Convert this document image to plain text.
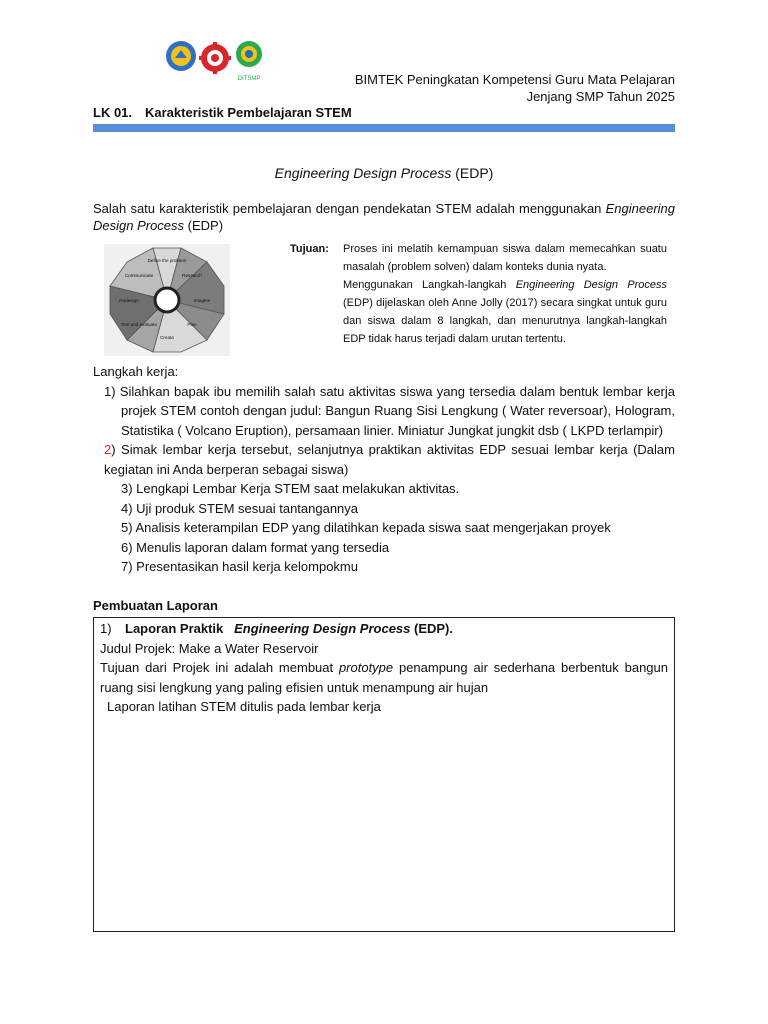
DITSMP	BIMTEK Peningkatan Kompetensi Guru Mata Pelajaran
Jenjang SMP Tahun 2025
LK 01. Karakteristik Pembelajaran STEM
Engineering Design Process (EDP)
Salah satu karakteristik pembelajaran dengan pendekatan STEM adalah menggunakan Engineering Design Process (EDP)
Define the problem
Research
Imagine
Plan
Create
Test and evaluate
Redesign
Communicate
Tujuan:	Proses ini melatih kemampuan siswa dalam memecahkan suatu masalah (problem solven) dalam konteks dunia nyata.
Menggunakan Langkah-langkah Engineering Design Process (EDP) dijelaskan oleh Anne Jolly (2017) secara singkat untuk guru dan siswa dalam 8 langkah, dan menurutnya langkah-langkah EDP tidak harus terjadi dalam urutan tertentu.
Langkah kerja:
1) Silahkan bapak ibu memilih salah satu aktivitas siswa yang tersedia dalam bentuk lembar kerja projek STEM contoh dengan judul: Bangun Ruang Sisi Lengkung ( Water reversoar), Hologram, Statistika ( Volcano Eruption), persamaan linier. Miniatur Jungkat jungkit dsb ( LKPD terlampir)
2) Simak lembar kerja tersebut, selanjutnya praktikan aktivitas EDP sesuai lembar kerja (Dalam kegiatan ini Anda berperan sebagai siswa)
3) Lengkapi Lembar Kerja STEM saat melakukan aktivitas.
4) Uji produk STEM sesuai tantangannya
5) Analisis keterampilan EDP yang dilatihkan kepada siswa saat mengerjakan proyek
6) Menulis laporan dalam format yang tersedia
7) Presentasikan hasil kerja kelompokmu
Pembuatan Laporan
1) Laporan Praktik Engineering Design Process (EDP).
Judul Projek: Make a Water Reservoir
Tujuan dari Projek ini adalah membuat prototype penampung air sederhana berbentuk bangun ruang sisi lengkung yang paling efisien untuk menampung air hujan
Laporan latihan STEM ditulis pada lembar kerja
